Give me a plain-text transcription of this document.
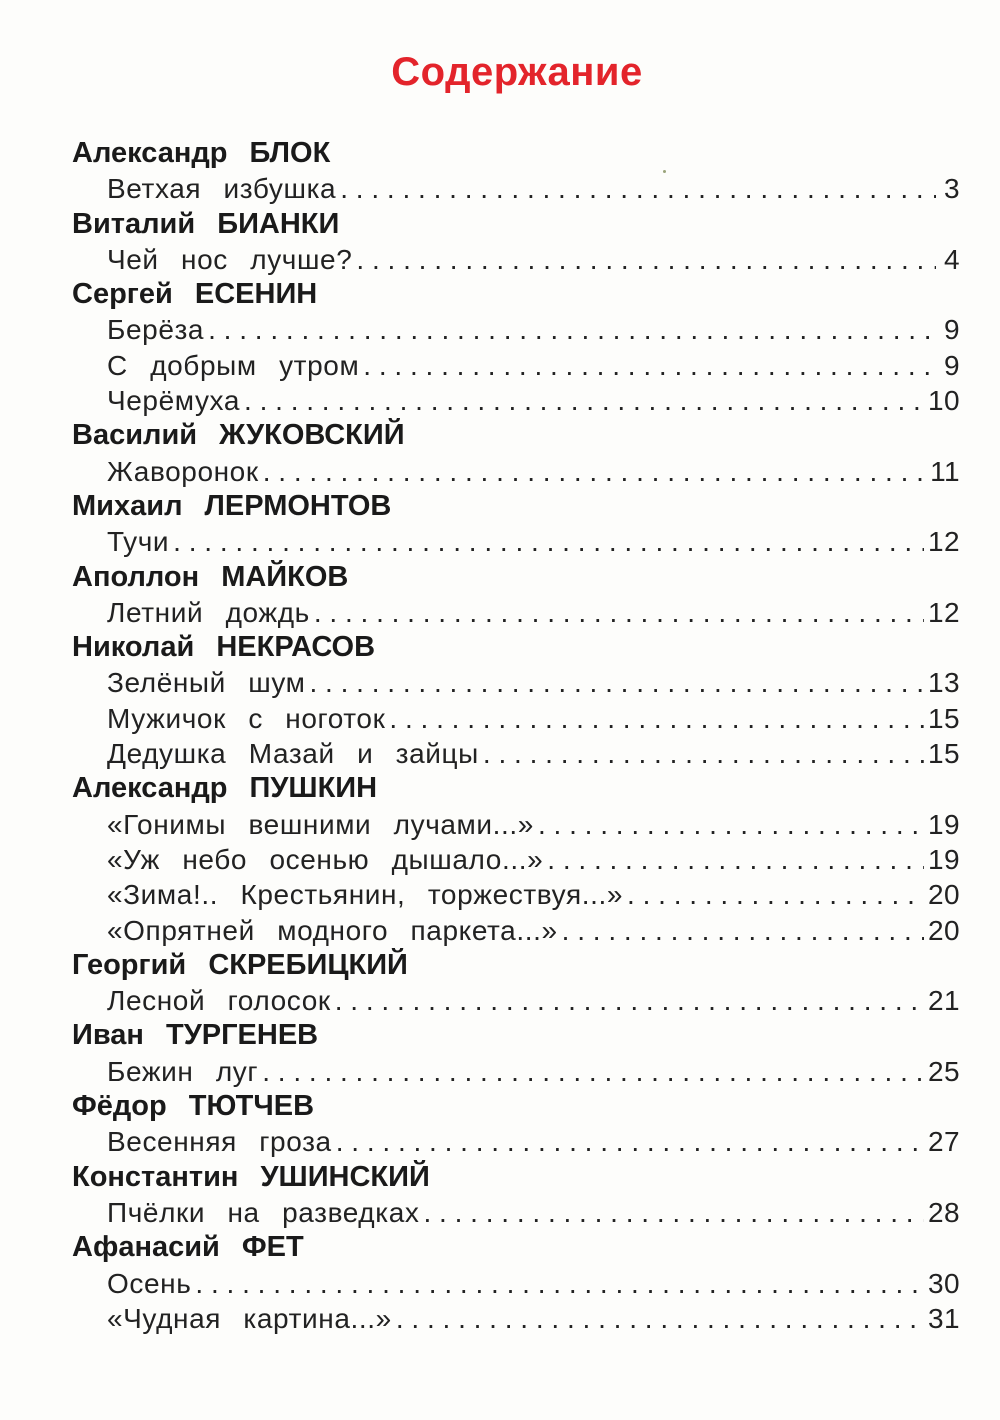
Содержание
Александр БЛОК
Ветхая избушка . . .	3
Виталий БИАНКИ
Чей нос лучше? . . .	4
Сергей ЕСЕНИН
Берёза . . .	9
С добрым утром . . .	9
Черёмуха . . .	10
Василий ЖУКОВСКИЙ
Жаворонок . . .	11
Михаил ЛЕРМОНТОВ
Тучи . . .	12
Аполлон МАЙКОВ
Летний дождь . . .	12
Николай НЕКРАСОВ
Зелёный шум . . .	13
Мужичок с ноготок . . .	15
Дедушка Мазай и зайцы . . .	15
Александр ПУШКИН
«Гонимы вешними лучами...» . . .	19
«Уж небо осенью дышало...» . . .	19
«Зима!.. Крестьянин, торжествуя...» . . .	20
«Опрятней модного паркета...» . . .	20
Георгий СКРЕБИЦКИЙ
Лесной голосок . . .	21
Иван ТУРГЕНЕВ
Бежин луг . . .	25
Фёдор ТЮТЧЕВ
Весенняя гроза . . .	27
Константин УШИНСКИЙ
Пчёлки на разведках . . .	28
Афанасий ФЕТ
Осень . . .	30
«Чудная картина...» . . .	31
